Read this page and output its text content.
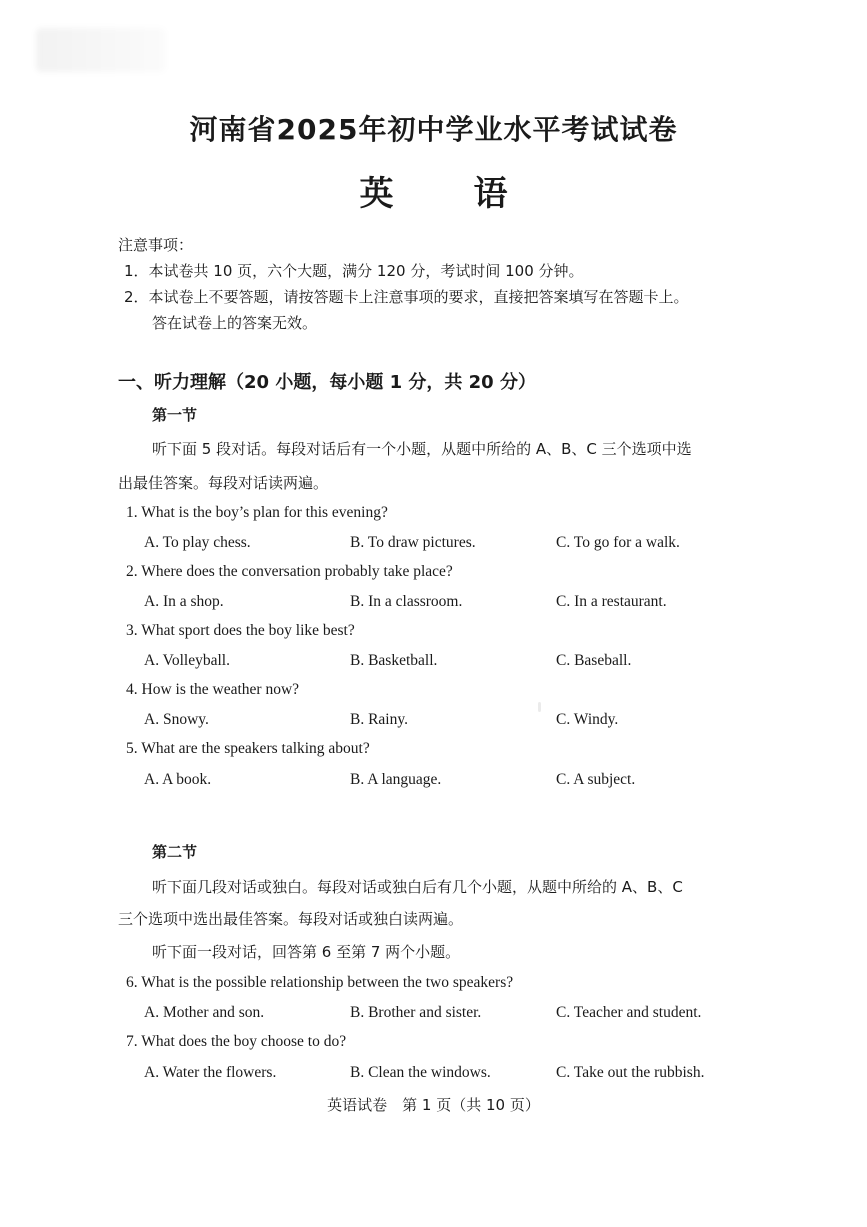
河南省2025年初中学业水平考试试卷
英 语
注意事项：
1．本试卷共 10 页，六个大题，满分 120 分，考试时间 100 分钟。
2．本试卷上不要答题，请按答题卡上注意事项的要求，直接把答案填写在答题卡上。
答在试卷上的答案无效。
一、听力理解（20 小题，每小题 1 分，共 20 分）
第一节
听下面 5 段对话。每段对话后有一个小题，从题中所给的 A、B、C 三个选项中选
出最佳答案。每段对话读两遍。
1. What is the boy’s plan for this evening?
A. To play chess.	B. To draw pictures.	C. To go for a walk.
2. Where does the conversation probably take place?
A. In a shop.	B. In a classroom.	C. In a restaurant.
3. What sport does the boy like best?
A. Volleyball.	B. Basketball.	C. Baseball.
4. How is the weather now?
A. Snowy.	B. Rainy.	C. Windy.
5. What are the speakers talking about?
A. A book.	B. A language.	C. A subject.
第二节
听下面几段对话或独白。每段对话或独白后有几个小题，从题中所给的 A、B、C
三个选项中选出最佳答案。每段对话或独白读两遍。
听下面一段对话，回答第 6 至第 7 两个小题。
6. What is the possible relationship between the two speakers?
A. Mother and son.	B. Brother and sister.	C. Teacher and student.
7. What does the boy choose to do?
A. Water the flowers.	B. Clean the windows.	C. Take out the rubbish.
英语试卷　第 1 页（共 10 页）
